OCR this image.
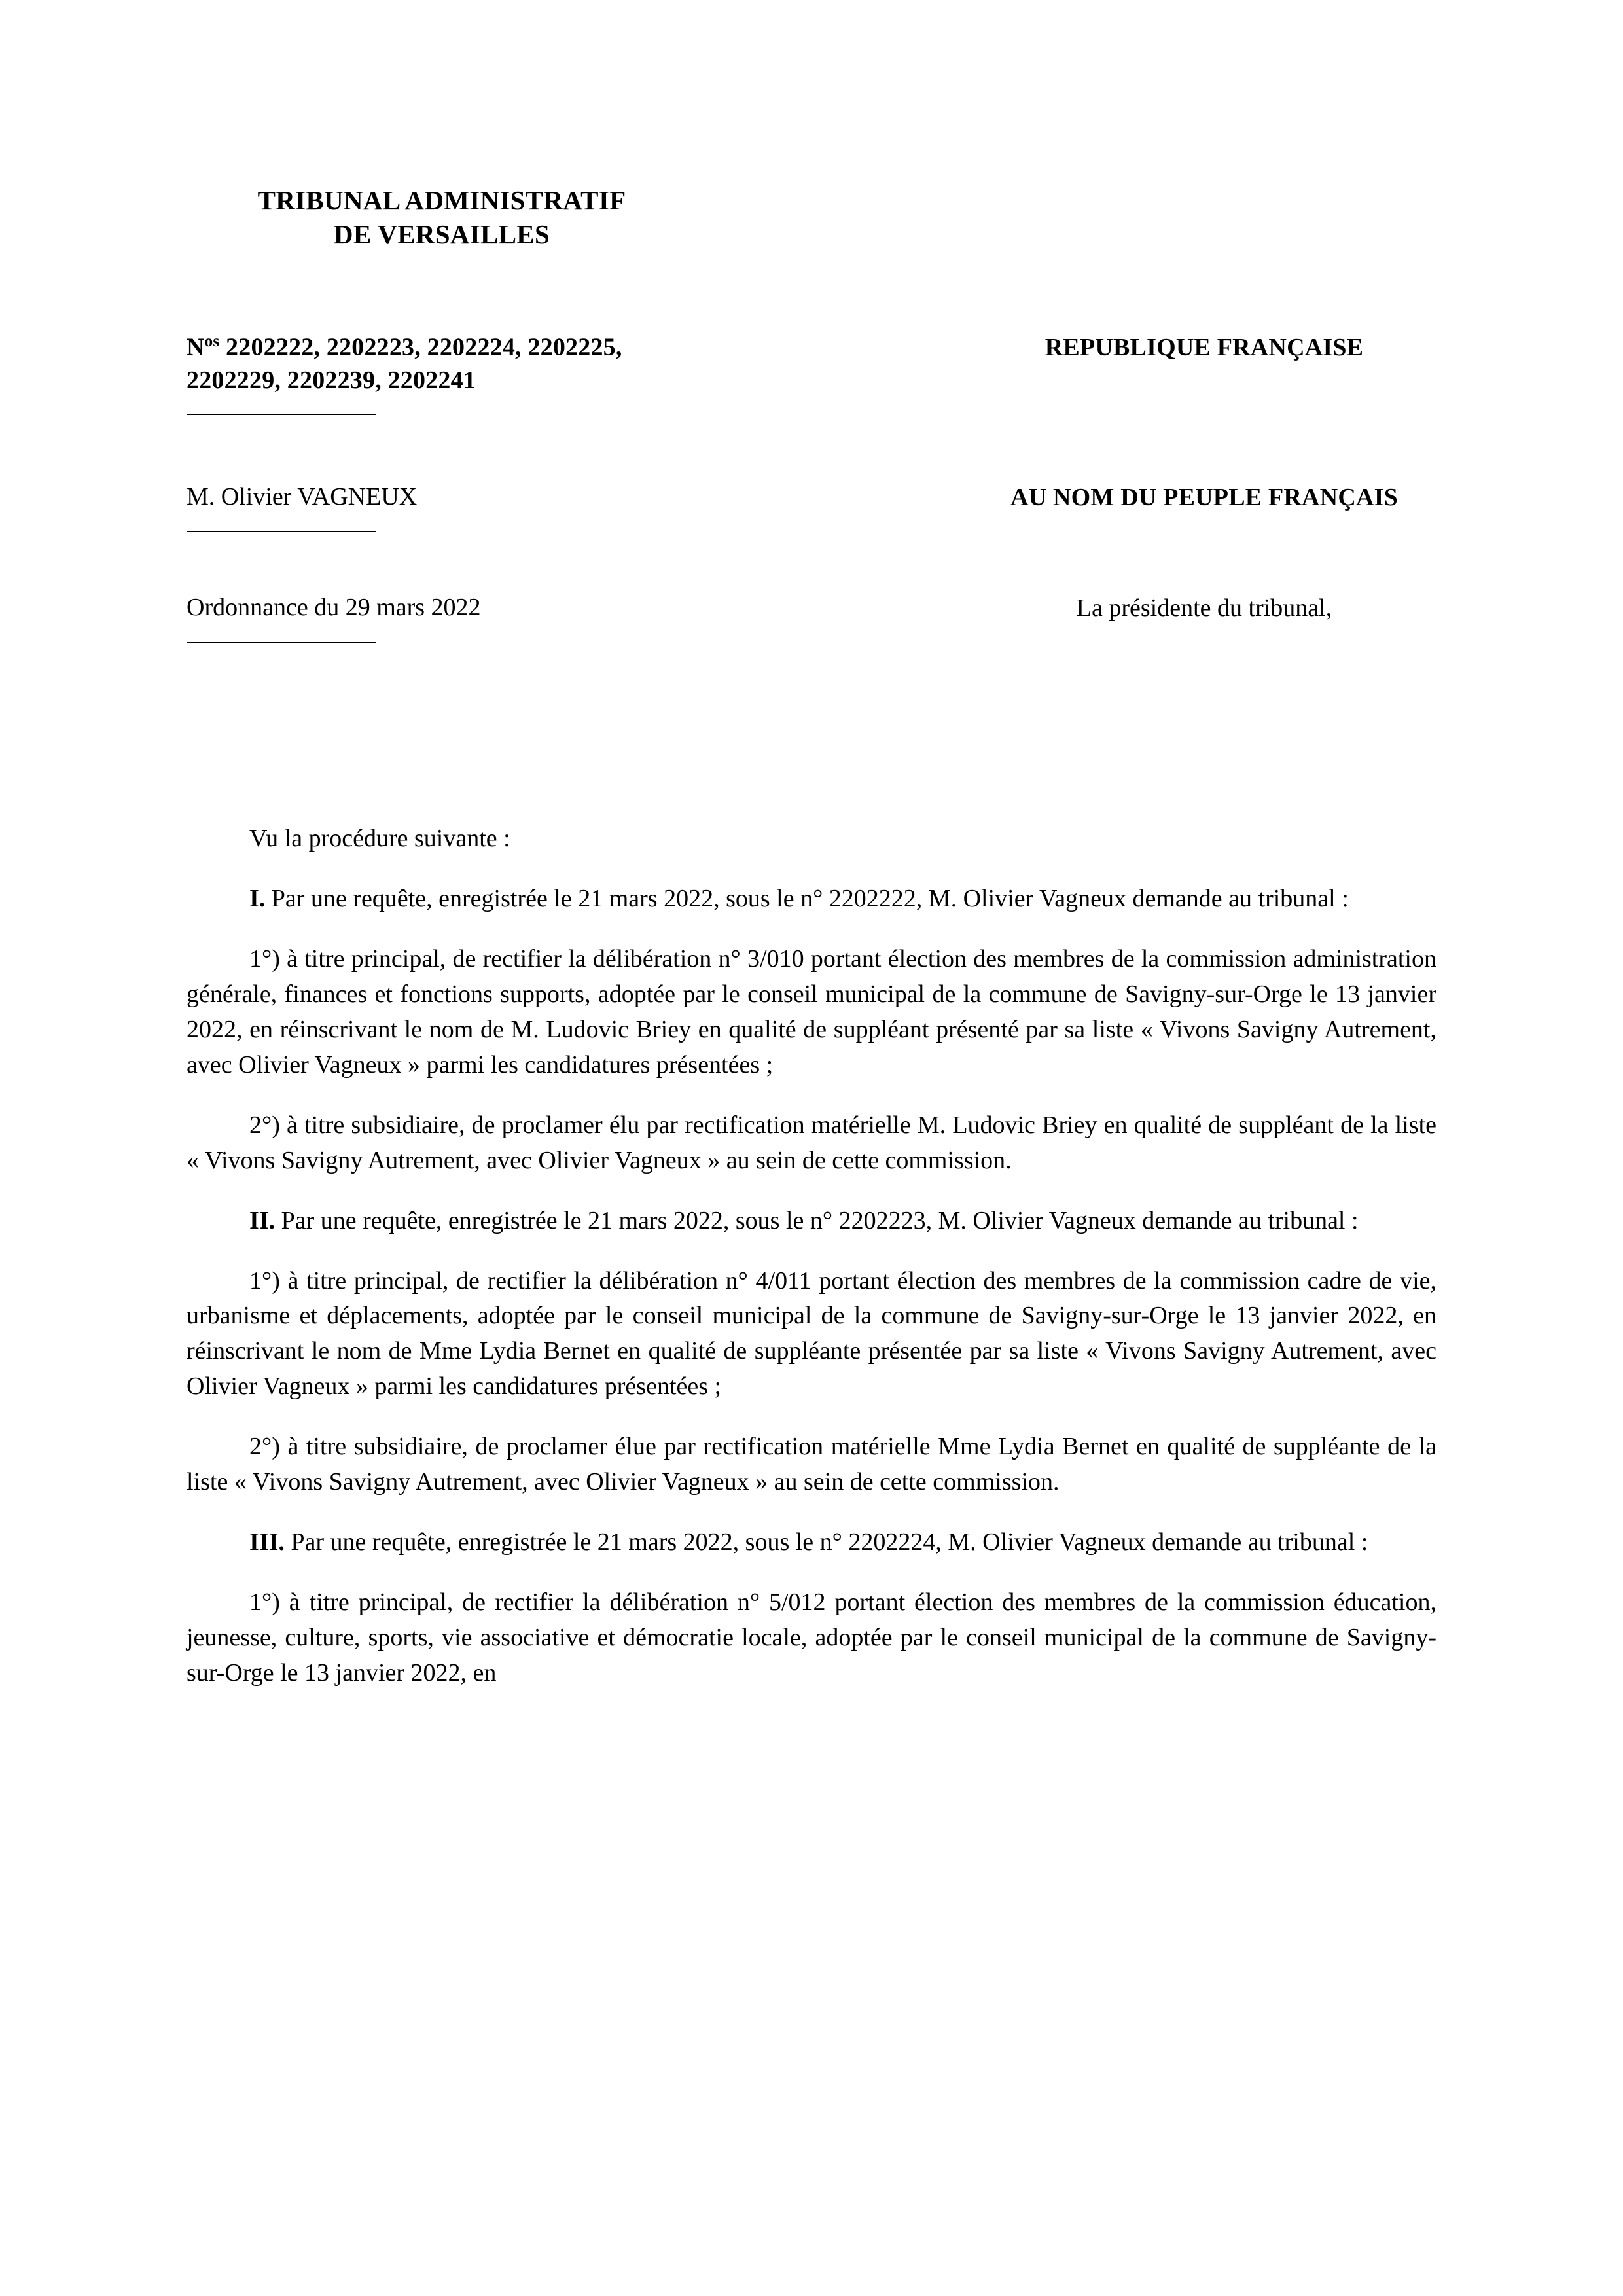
TRIBUNAL ADMINISTRATIF
DE VERSAILLES
$N^{os}$ 2202222, 2202223, 2202224, 2202225,
2202229, 2202239, 2202241
REPUBLIQUE FRANÇAISE
M. Olivier VAGNEUX	AU NOM DU PEUPLE FRANÇAIS
Ordonnance du 29 mars 2022	La présidente du tribunal,

Vu la procédure suivante :

I. Par une requête, enregistrée le 21 mars 2022, sous le n° 2202222, M. Olivier Vagneux demande au tribunal :

1°) à titre principal, de rectifier la délibération n° 3/010 portant élection des membres de la commission administration générale, finances et fonctions supports, adoptée par le conseil municipal de la commune de Savigny-sur-Orge le 13 janvier 2022, en réinscrivant le nom de M. Ludovic Briey en qualité de suppléant présenté par sa liste « Vivons Savigny Autrement, avec Olivier Vagneux » parmi les candidatures présentées ;

2°) à titre subsidiaire, de proclamer élu par rectification matérielle M. Ludovic Briey en qualité de suppléant de la liste « Vivons Savigny Autrement, avec Olivier Vagneux » au sein de cette commission.

II. Par une requête, enregistrée le 21 mars 2022, sous le n° 2202223, M. Olivier Vagneux demande au tribunal :

1°) à titre principal, de rectifier la délibération n° 4/011 portant élection des membres de la commission cadre de vie, urbanisme et déplacements, adoptée par le conseil municipal de la commune de Savigny-sur-Orge le 13 janvier 2022, en réinscrivant le nom de Mme Lydia Bernet en qualité de suppléante présentée par sa liste « Vivons Savigny Autrement, avec Olivier Vagneux » parmi les candidatures présentées ;

2°) à titre subsidiaire, de proclamer élue par rectification matérielle Mme Lydia Bernet en qualité de suppléante de la liste « Vivons Savigny Autrement, avec Olivier Vagneux » au sein de cette commission.

III. Par une requête, enregistrée le 21 mars 2022, sous le n° 2202224, M. Olivier Vagneux demande au tribunal :

1°) à titre principal, de rectifier la délibération n° 5/012 portant élection des membres de la commission éducation, jeunesse, culture, sports, vie associative et démocratie locale, adoptée par le conseil municipal de la commune de Savigny-sur-Orge le 13 janvier 2022, en
